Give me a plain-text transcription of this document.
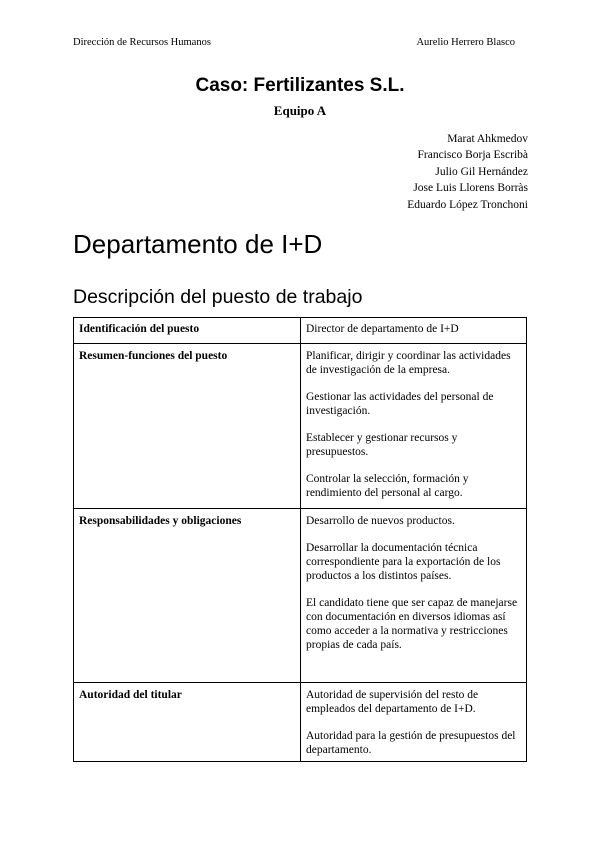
Dirección de Recursos Humanos	Aurelio Herrero Blasco
Caso: Fertilizantes S.L.
Equipo A
Marat Ahkmedov
Francisco Borja Escribà
Julio Gil Hernández
Jose Luis Llorens Borràs
Eduardo López Tronchoni
Departamento de I+D
Descripción del puesto de trabajo
Identificación del puesto	Director de departamento de I+D

Resumen-funciones del puesto	Planificar, dirigir y coordinar las actividades de investigación de la empresa.

Gestionar las actividades del personal de investigación.

Establecer y gestionar recursos y presupuestos.

Controlar la selección, formación y rendimiento del personal al cargo.

Responsabilidades y obligaciones	Desarrollo de nuevos productos.

Desarrollar la documentación técnica correspondiente para la exportación de los productos a los distintos países.

El candidato tiene que ser capaz de manejarse con documentación en diversos idiomas así como acceder a la normativa y restricciones propias de cada país.

Autoridad del titular	Autoridad de supervisión del resto de empleados del departamento de I+D.

Autoridad para la gestión de presupuestos del departamento.
